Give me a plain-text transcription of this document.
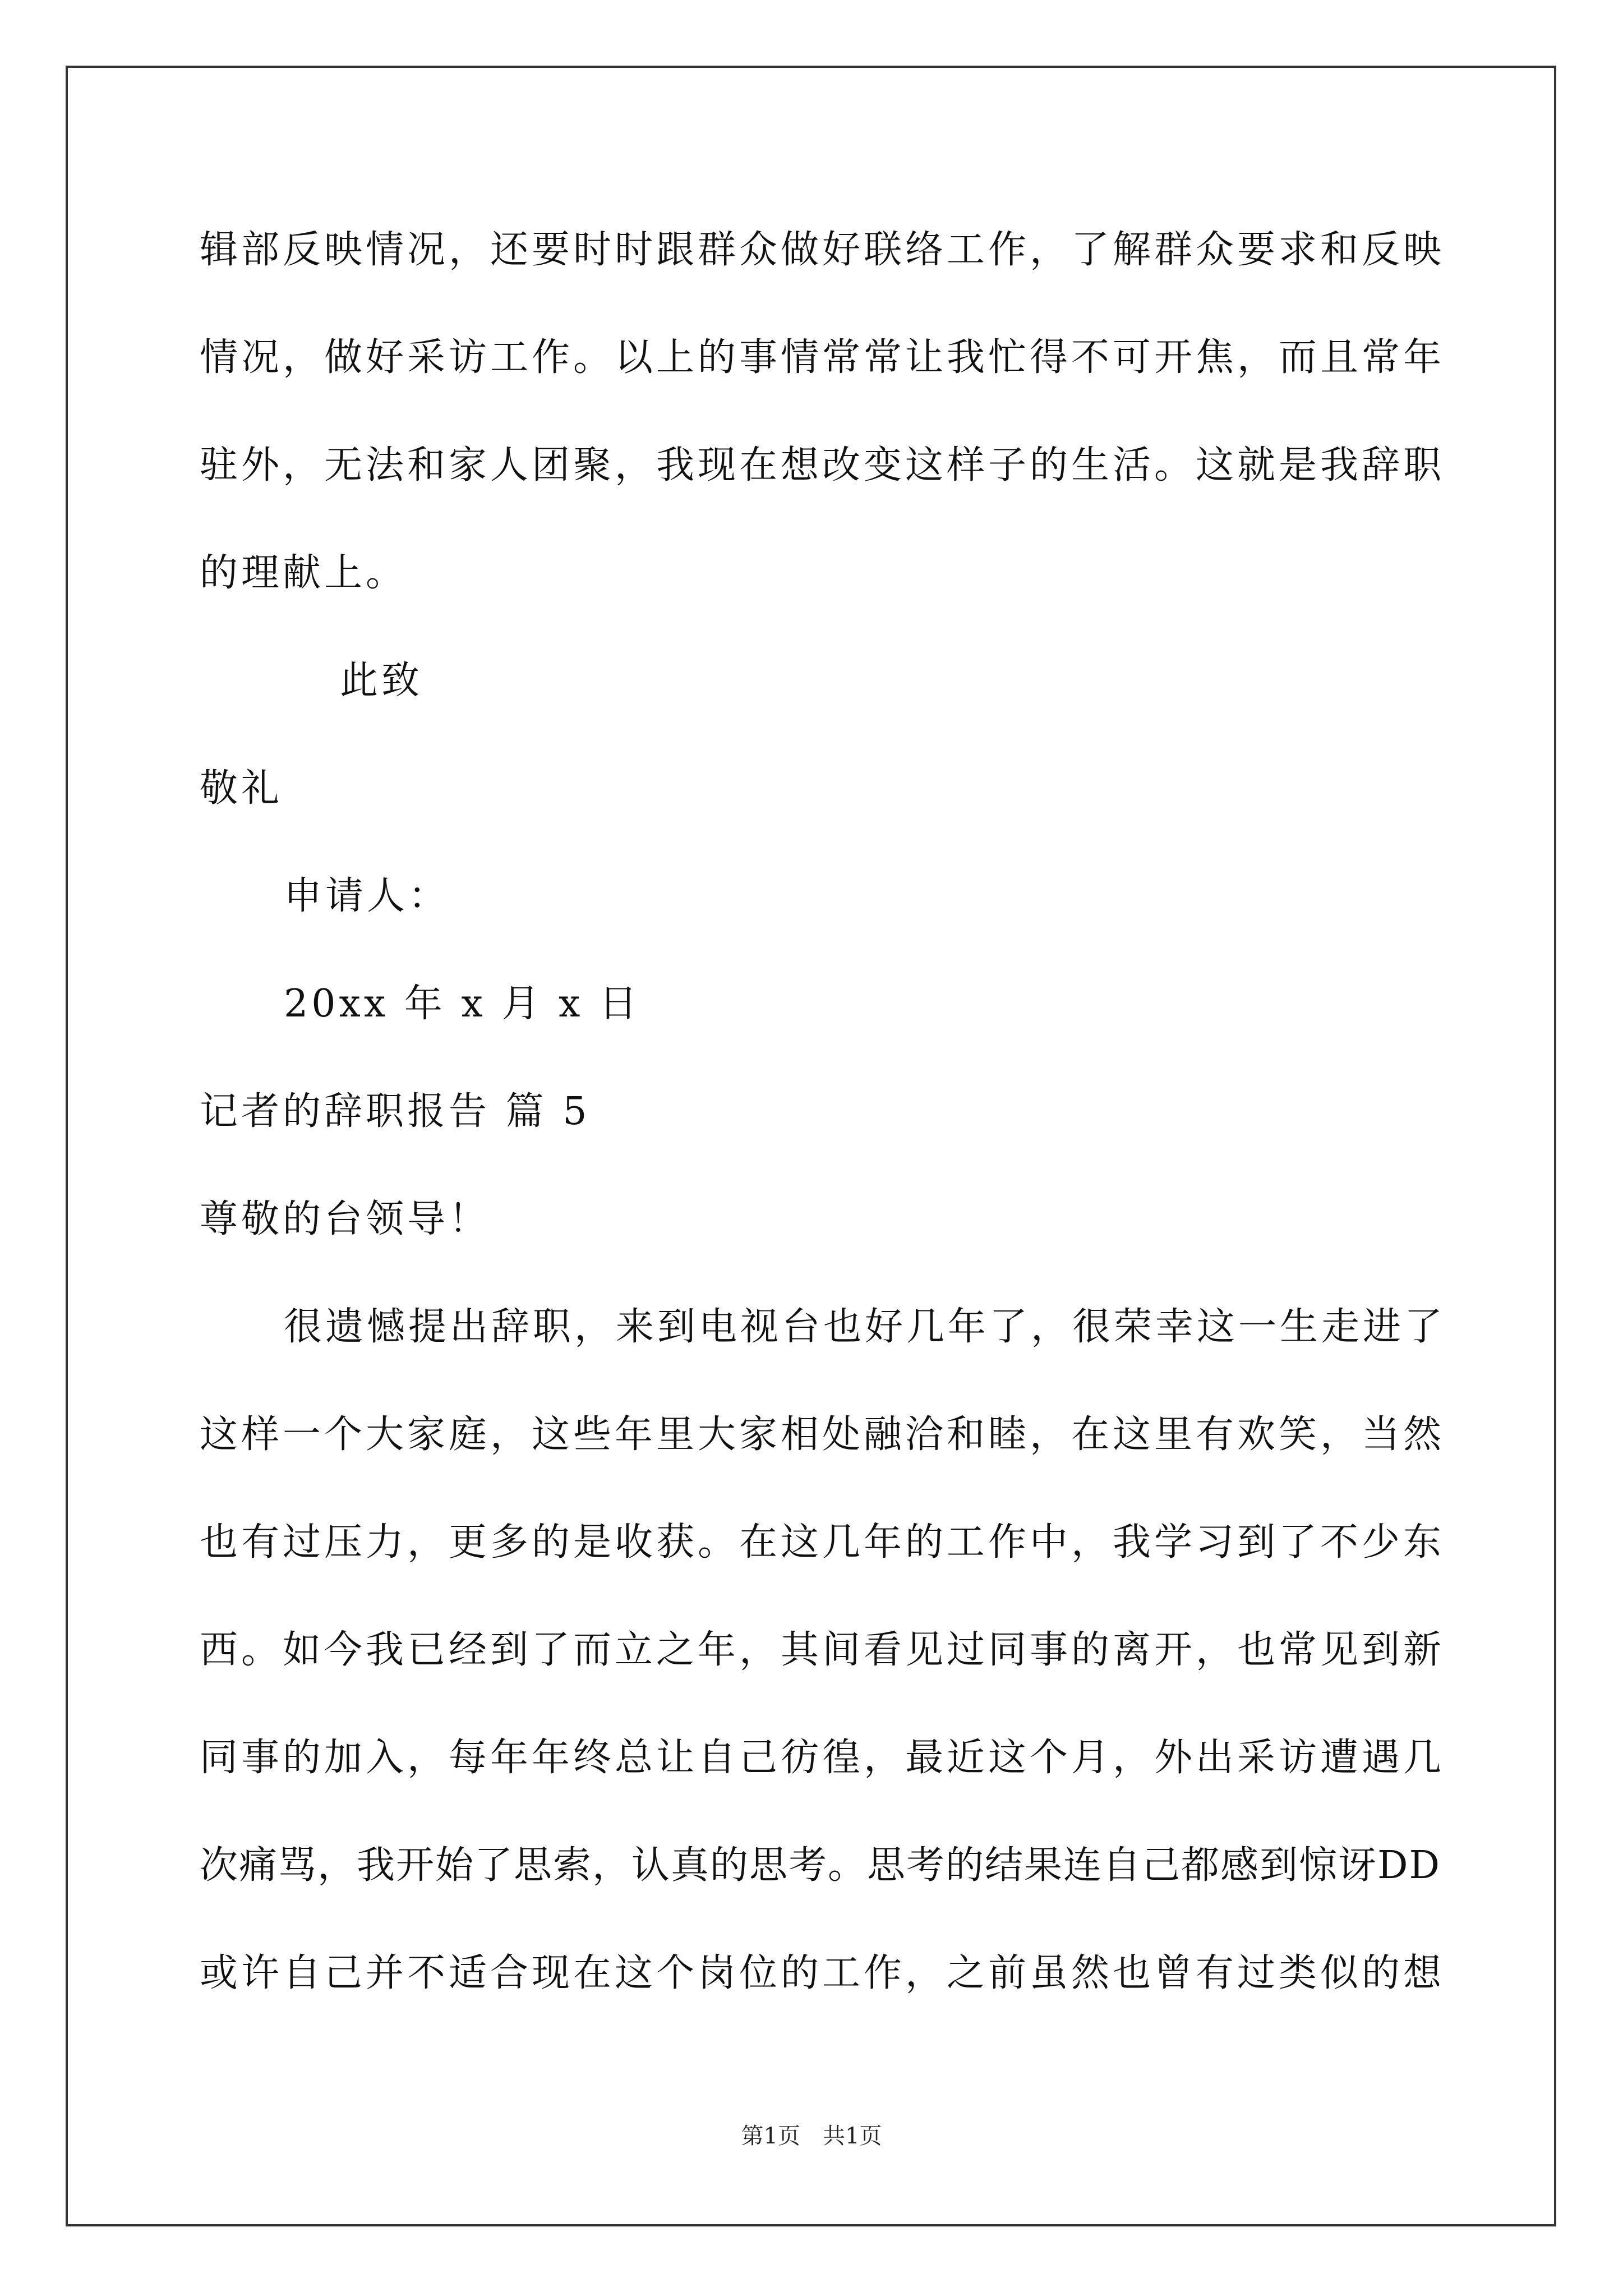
辑部反映情况，还要时时跟群众做好联络工作，了解群众要求和反映
情况，做好采访工作。以上的事情常常让我忙得不可开焦，而且常年
驻外，无法和家人团聚，我现在想改变这样子的生活。这就是我辞职
的理献上。
此致
敬礼
申请人：
20xx 年 x 月 x 日
记者的辞职报告 篇 5
尊敬的台领导！
很遗憾提出辞职，来到电视台也好几年了，很荣幸这一生走进了
这样一个大家庭，这些年里大家相处融洽和睦，在这里有欢笑，当然
也有过压力，更多的是收获。在这几年的工作中，我学习到了不少东
西。如今我已经到了而立之年，其间看见过同事的离开，也常见到新
同事的加入，每年年终总让自己彷徨，最近这个月，外出采访遭遇几
次痛骂，我开始了思索，认真的思考。思考的结果连自己都感到惊讶DD
或许自己并不适合现在这个岗位的工作，之前虽然也曾有过类似的想
第1页　共1页
